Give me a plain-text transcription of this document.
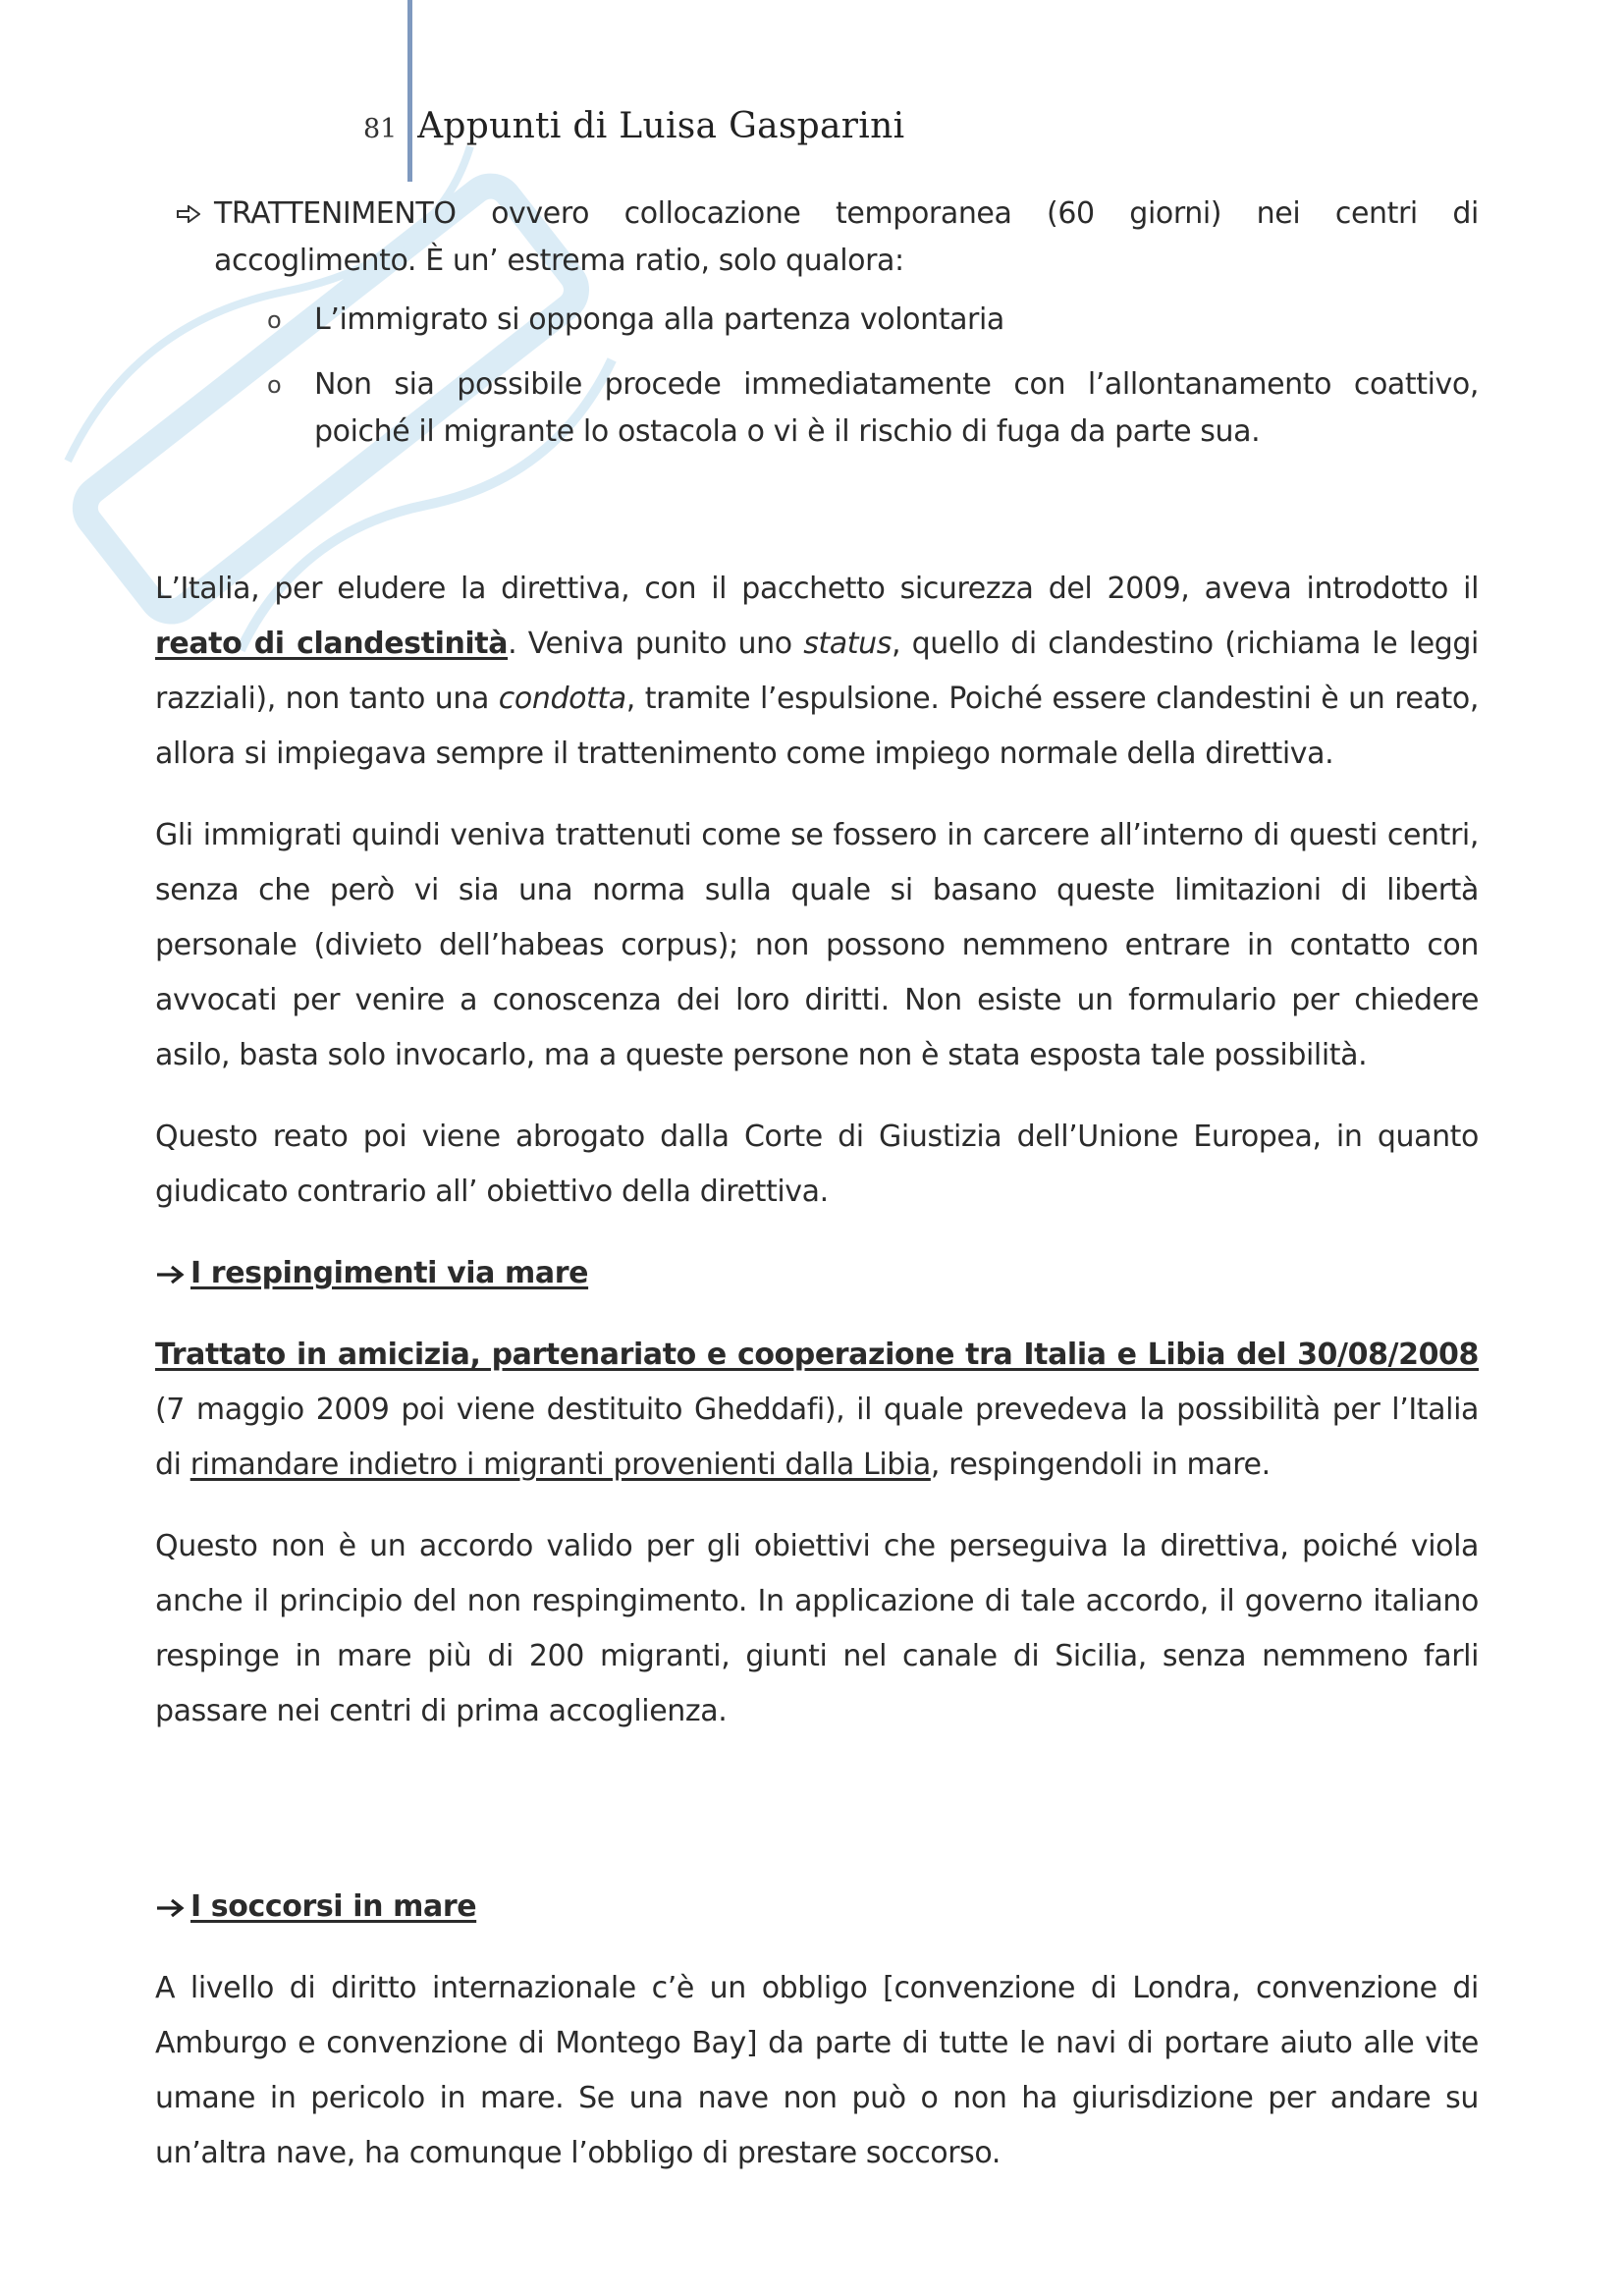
81 Appunti di Luisa Gasparini
TRATTENIMENTO ovvero collocazione temporanea (60 giorni) nei centri di accoglimento. È un’ estrema ratio, solo qualora:
o L’immigrato si opponga alla partenza volontaria
o Non sia possibile procede immediatamente con l’allontanamento coattivo, poiché il migrante lo ostacola o vi è il rischio di fuga da parte sua.

L’Italia, per eludere la direttiva, con il pacchetto sicurezza del 2009, aveva introdotto il reato di clandestinità. Veniva punito uno status, quello di clandestino (richiama le leggi razziali), non tanto una condotta, tramite l’espulsione. Poiché essere clandestini è un reato, allora si impiegava sempre il trattenimento come impiego normale della direttiva.

Gli immigrati quindi veniva trattenuti come se fossero in carcere all’interno di questi centri, senza che però vi sia una norma sulla quale si basano queste limitazioni di libertà personale (divieto dell’habeas corpus); non possono nemmeno entrare in contatto con avvocati per venire a conoscenza dei loro diritti. Non esiste un formulario per chiedere asilo, basta solo invocarlo, ma a queste persone non è stata esposta tale possibilità.

Questo reato poi viene abrogato dalla Corte di Giustizia dell’Unione Europea, in quanto giudicato contrario all’ obiettivo della direttiva.

I respingimenti via mare

Trattato in amicizia, partenariato e cooperazione tra Italia e Libia del 30/08/2008 (7 maggio 2009 poi viene destituito Gheddafi), il quale prevedeva la possibilità per l’Italia di rimandare indietro i migranti provenienti dalla Libia, respingendoli in mare.

Questo non è un accordo valido per gli obiettivi che perseguiva la direttiva, poiché viola anche il principio del non respingimento. In applicazione di tale accordo, il governo italiano respinge in mare più di 200 migranti, giunti nel canale di Sicilia, senza nemmeno farli passare nei centri di prima accoglienza.

I soccorsi in mare

A livello di diritto internazionale c’è un obbligo [convenzione di Londra, convenzione di Amburgo e convenzione di Montego Bay] da parte di tutte le navi di portare aiuto alle vite umane in pericolo in mare. Se una nave non può o non ha giurisdizione per andare su un’altra nave, ha comunque l’obbligo di prestare soccorso.
